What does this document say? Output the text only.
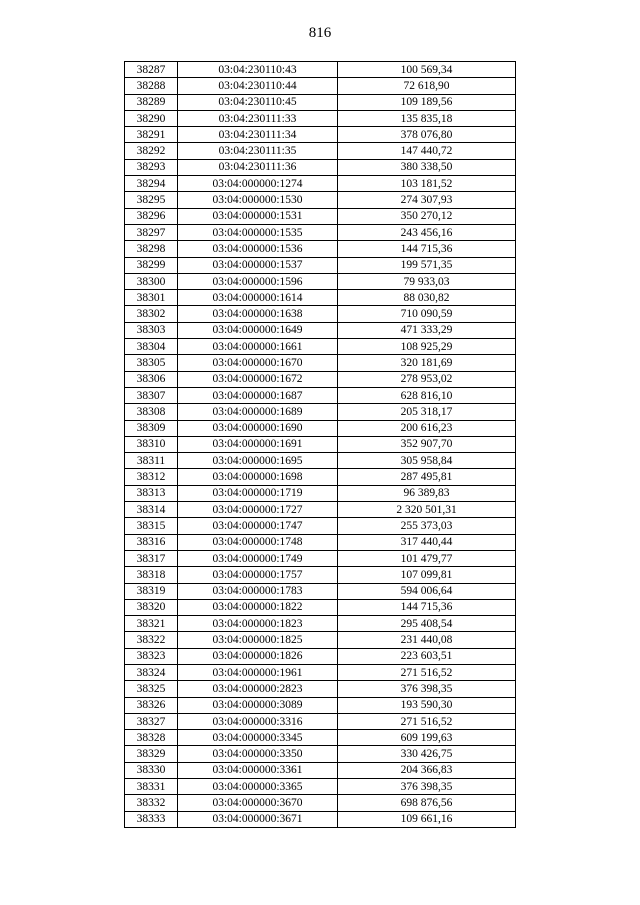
816
38287	03:04:230110:43	100 569,34
38288	03:04:230110:44	72 618,90
38289	03:04:230110:45	109 189,56
38290	03:04:230111:33	135 835,18
38291	03:04:230111:34	378 076,80
38292	03:04:230111:35	147 440,72
38293	03:04:230111:36	380 338,50
38294	03:04:000000:1274	103 181,52
38295	03:04:000000:1530	274 307,93
38296	03:04:000000:1531	350 270,12
38297	03:04:000000:1535	243 456,16
38298	03:04:000000:1536	144 715,36
38299	03:04:000000:1537	199 571,35
38300	03:04:000000:1596	79 933,03
38301	03:04:000000:1614	88 030,82
38302	03:04:000000:1638	710 090,59
38303	03:04:000000:1649	471 333,29
38304	03:04:000000:1661	108 925,29
38305	03:04:000000:1670	320 181,69
38306	03:04:000000:1672	278 953,02
38307	03:04:000000:1687	628 816,10
38308	03:04:000000:1689	205 318,17
38309	03:04:000000:1690	200 616,23
38310	03:04:000000:1691	352 907,70
38311	03:04:000000:1695	305 958,84
38312	03:04:000000:1698	287 495,81
38313	03:04:000000:1719	96 389,83
38314	03:04:000000:1727	2 320 501,31
38315	03:04:000000:1747	255 373,03
38316	03:04:000000:1748	317 440,44
38317	03:04:000000:1749	101 479,77
38318	03:04:000000:1757	107 099,81
38319	03:04:000000:1783	594 006,64
38320	03:04:000000:1822	144 715,36
38321	03:04:000000:1823	295 408,54
38322	03:04:000000:1825	231 440,08
38323	03:04:000000:1826	223 603,51
38324	03:04:000000:1961	271 516,52
38325	03:04:000000:2823	376 398,35
38326	03:04:000000:3089	193 590,30
38327	03:04:000000:3316	271 516,52
38328	03:04:000000:3345	609 199,63
38329	03:04:000000:3350	330 426,75
38330	03:04:000000:3361	204 366,83
38331	03:04:000000:3365	376 398,35
38332	03:04:000000:3670	698 876,56
38333	03:04:000000:3671	109 661,16
